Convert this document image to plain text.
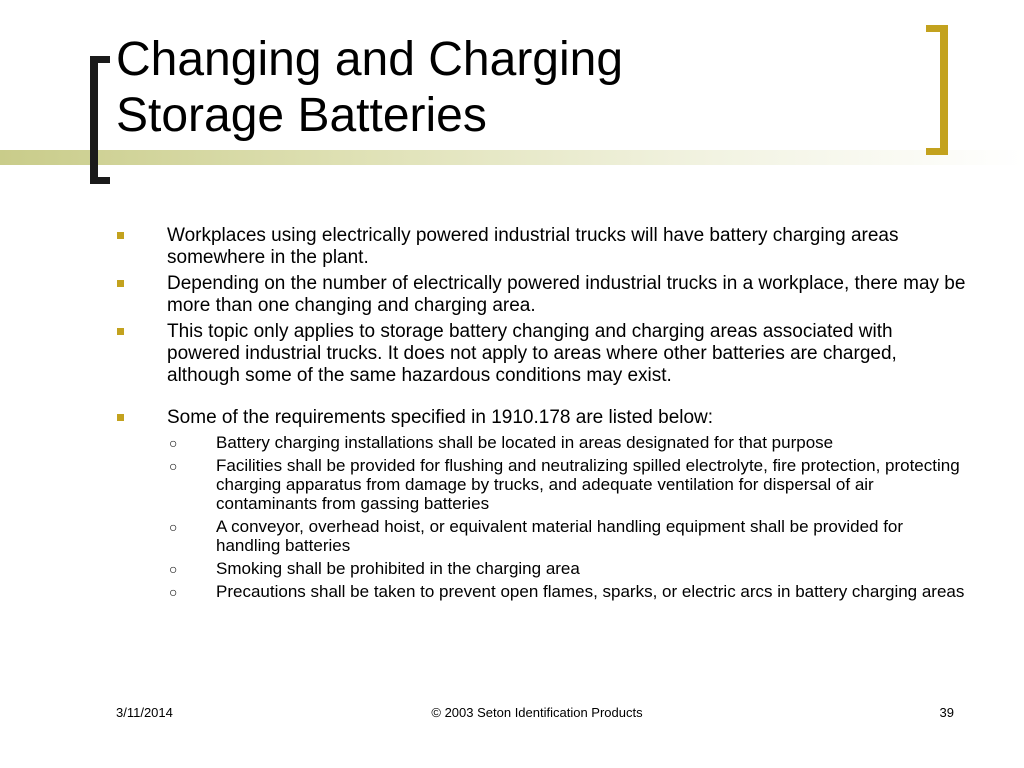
Changing and Charging
Storage Batteries
Workplaces using electrically powered industrial trucks will have battery charging areas somewhere in the plant.
Depending on the number of electrically powered industrial trucks in a workplace, there may be more than one changing and charging area.
This topic only applies to storage battery changing and charging areas associated with powered industrial trucks. It does not apply to areas where other batteries are charged, although some of the same hazardous conditions may exist.
Some of the requirements specified in 1910.178 are listed below:
○ Battery charging installations shall be located in areas designated for that purpose
○ Facilities shall be provided for flushing and neutralizing spilled electrolyte, fire protection, protecting charging apparatus from damage by trucks, and adequate ventilation for dispersal of air contaminants from gassing batteries
○ A conveyor, overhead hoist, or equivalent material handling equipment shall be provided for handling batteries
○ Smoking shall be prohibited in the charging area
○ Precautions shall be taken to prevent open flames, sparks, or electric arcs in battery charging areas
3/11/2014	© 2003 Seton Identification Products	39
